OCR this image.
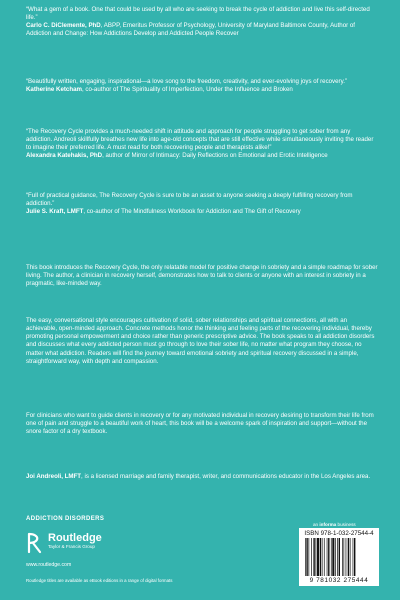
“What a gem of a book. One that could be used by all who are seeking to break the cycle of addiction and live this self-directed life.”

Carlo C. DiClemente, PhD, ABPP, Emeritus Professor of Psychology, University of Maryland Baltimore County, Author of Addiction and Change: How Addictions Develop and Addicted People Recover

“Beautifully written, engaging, inspirational—a love song to the freedom, creativity, and ever-evolving joys of recovery.”

Katherine Ketcham, co-author of The Spirituality of Imperfection, Under the Influence and Broken

“The Recovery Cycle provides a much-needed shift in attitude and approach for people struggling to get sober from any addiction. Andreoli skillfully breathes new life into age-old concepts that are still effective while simultaneously inviting the reader to imagine their preferred life. A must read for both recovering people and therapists alike!”

Alexandra Katehakis, PhD, author of Mirror of Intimacy: Daily Reflections on Emotional and Erotic Intelligence

“Full of practical guidance, The Recovery Cycle is sure to be an asset to anyone seeking a deeply fulfilling recovery from addiction.”

Julie S. Kraft, LMFT, co-author of The Mindfulness Workbook for Addiction and The Gift of Recovery

This book introduces the Recovery Cycle, the only relatable model for positive change in sobriety and a simple roadmap for sober living. The author, a clinician in recovery herself, demonstrates how to talk to clients or anyone with an interest in sobriety in a pragmatic, like-minded way.

The easy, conversational style encourages cultivation of solid, sober relationships and spiritual connections, all with an achievable, open-minded approach. Concrete methods honor the thinking and feeling parts of the recovering individual, thereby promoting personal empowerment and choice rather than generic prescriptive advice. The book speaks to all addiction disorders and discusses what every addicted person must go through to love their sober life, no matter what program they choose, no matter what addiction. Readers will find the journey toward emotional sobriety and spiritual recovery discussed in a simple, straightforward way, with depth and compassion.

For clinicians who want to guide clients in recovery or for any motivated individual in recovery desiring to transform their life from one of pain and struggle to a beautiful work of heart, this book will be a welcome spark of inspiration and support—without the snore factor of a dry textbook.

Joi Andreoli, LMFT, is a licensed marriage and family therapist, writer, and communications educator in the Los Angeles area.

ADDICTION DISORDERS
Routledge
Taylor & Francis Group
www.routledge.com
Routledge titles are available as eBook editions in a range of digital formats
an informa business
ISBN 978-1-032-27544-4
9 781032 275444
